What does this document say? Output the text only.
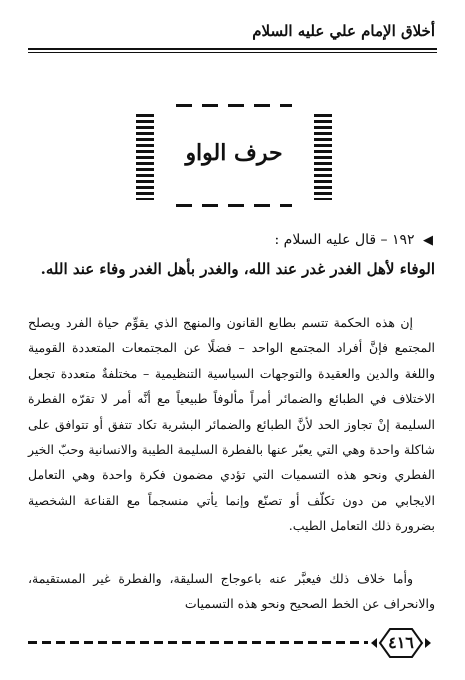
أخلاق الإمام علي عليه السلام
حرف الواو
◀ ١٩٢ – قال عليه السلام :
الوفاء لأهل الغدر غدر عند الله، والغدر بأهل الغدر وفاء عند الله.
إن هذه الحكمة تتسم بطابع القانون والمنهج الذي يقوِّم حياة الفرد ويصلح المجتمع فإنَّ أفراد المجتمع الواحد – فضلًا عن المجتمعات المتعددة القومية واللغة والدين والعقيدة والتوجهات السياسية التنظيمية – مختلفةٌ متعددة تجعل الاختلاف في الطبائع والضمائر أمراً مألوفاً طبيعياً مع أنَّه أمر لا تقرّه الفطرة السليمة إنْ تجاوز الحد لأنَّ الطبائع والضمائر البشرية تكاد تتفق أو تتوافق على شاكلة واحدة وهي التي يعبّر عنها بالفطرة السليمة الطيبة والانسانية وحبّ الخير الفطري ونحو هذه التسميات التي تؤدي مضمون فكرة واحدة وهي التعامل الايجابي من دون تكلّف أو تصنّع وإنما يأتي منسجماً مع القناعة الشخصية بضرورة ذلك التعامل الطيب.
وأما خلاف ذلك فيعبَّر عنه باعوجاج السليقة، والفطرة غير المستقيمة، والانحراف عن الخط الصحيح ونحو هذه التسميات
٤١٦
